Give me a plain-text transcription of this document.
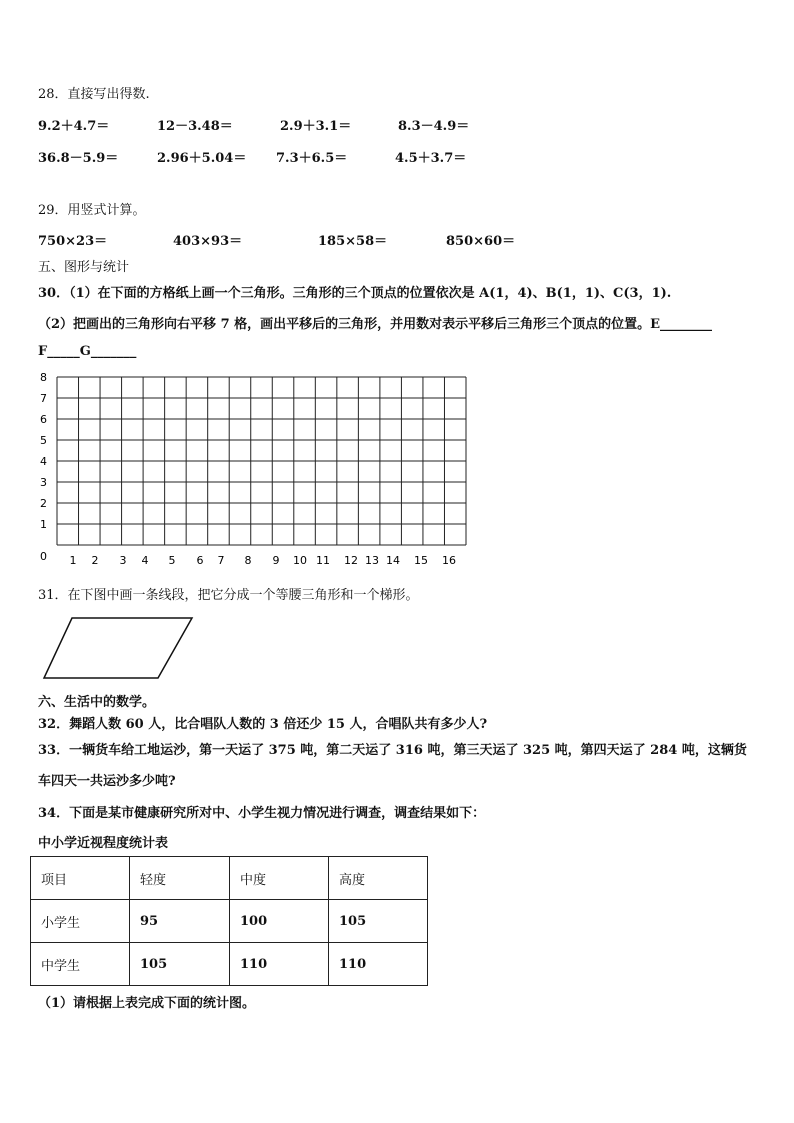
28．直接写出得数.
9.2＋4.7＝	12－3.48＝	2.9＋3.1＝	8.3－4.9＝
36.8－5.9＝	2.96＋5.04＝ 7.3＋6.5＝	4.5＋3.7＝
29．用竖式计算。
750×23＝	403×93＝	185×58＝	850×60＝
五、图形与统计
30．（1）在下面的方格纸上画一个三角形。三角形的三个顶点的位置依次是 A(1，4)、B(1，1)、C(3，1).
（2）把画出的三角形向右平移 7 格，画出平移后的三角形，并用数对表示平移后三角形三个顶点的位置。E________
F_____G_______
8
7
6
5
4
3
2
1
0 1 2 3 4 5 6 7 8 9 10 11 12 13 14 15 16
31．在下图中画一条线段，把它分成一个等腰三角形和一个梯形。
六、生活中的数学。
32．舞蹈人数 60 人，比合唱队人数的 3 倍还少 15 人，合唱队共有多少人?
33．一辆货车给工地运沙，第一天运了 375 吨，第二天运了 316 吨，第三天运了 325 吨，第四天运了 284 吨，这辆货
车四天一共运沙多少吨?
34．下面是某市健康研究所对中、小学生视力情况进行调查，调查结果如下：
中小学近视程度统计表
项目	轻度	中度	高度
小学生	95	100	105
中学生	105	110	110
（1）请根据上表完成下面的统计图。
